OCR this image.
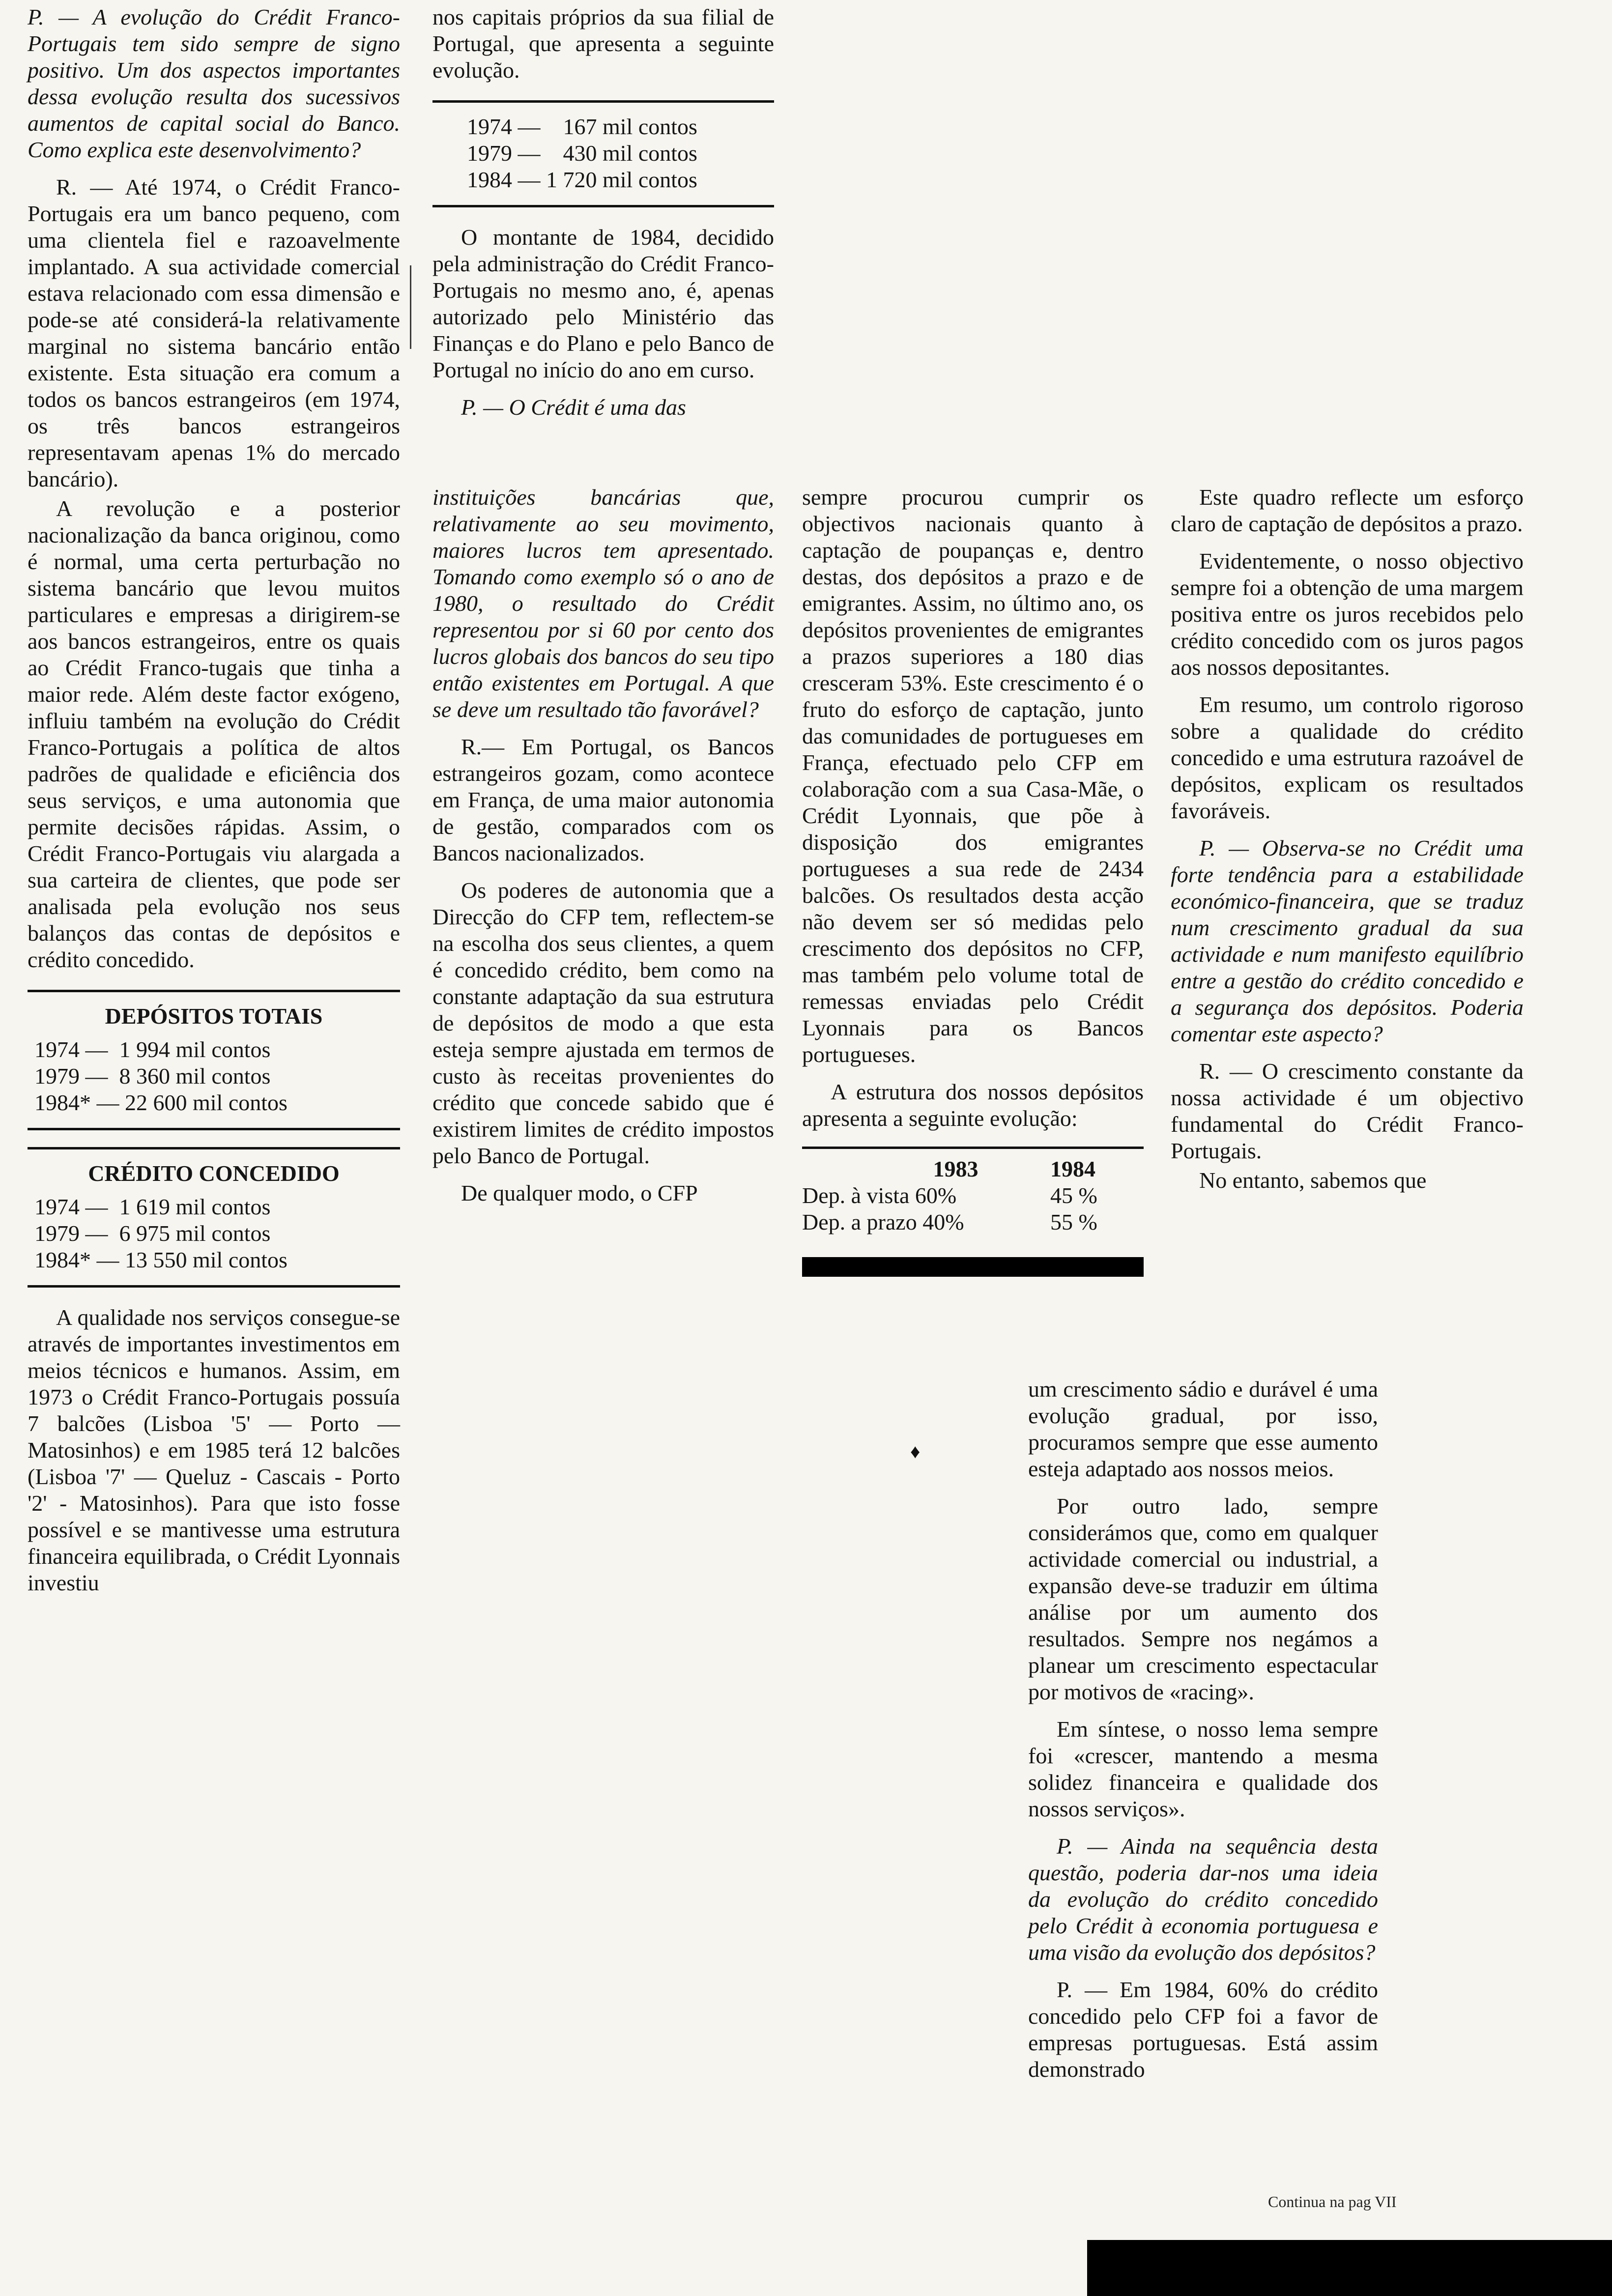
P. — A evolução do Crédit Franco-Portugais tem sido sempre de signo positivo. Um dos aspectos importantes dessa evolução resulta dos sucessivos aumentos de capital social do Banco. Como explica este desenvolvimento?

R. — Até 1974, o Crédit Franco-Portugais era um banco pequeno, com uma clientela fiel e razoavelmente implantado. A sua actividade comercial estava relacionado com essa dimensão e pode-se até considerá-la relativamente marginal no sistema bancário então existente. Esta situação era comum a todos os bancos estrangeiros (em 1974, os três bancos estrangeiros representavam apenas 1% do mercado bancário).

A revolução e a posterior nacionalização da banca originou, como é normal, uma certa perturbação no sistema bancário que levou muitos particulares e empresas a dirigirem-se aos bancos estrangeiros, entre os quais ao Crédit Franco-tugais que tinha a maior rede. Além deste factor exógeno, influiu também na evolução do Crédit Franco-Portugais a política de altos padrões de qualidade e eficiência dos seus serviços, e uma autonomia que permite decisões rápidas. Assim, o Crédit Franco-Portugais viu alargada a sua carteira de clientes, que pode ser analisada pela evolução nos seus balanços das contas de depósitos e crédito concedido.

DEPÓSITOS TOTAIS
1974 —  1 994 mil contos
1979 —  8 360 mil contos
1984* — 22 600 mil contos
CRÉDITO CONCEDIDO
1974 —  1 619 mil contos
1979 —  6 975 mil contos
1984* — 13 550 mil contos

A qualidade nos serviços consegue-se através de importantes investimentos em meios técnicos e humanos. Assim, em 1973 o Crédit Franco-Portugais possuía 7 balcões (Lisboa '5' — Porto — Matosinhos) e em 1985 terá 12 balcões (Lisboa '7' — Queluz - Cascais - Porto '2' - Matosinhos). Para que isto fosse possível e se mantivesse uma estrutura financeira equilibrada, o Crédit Lyonnais investiu

nos capitais próprios da sua filial de Portugal, que apresenta a seguinte evolução.

1974 —    167 mil contos
1979 —    430 mil contos
1984 — 1 720 mil contos

O montante de 1984, decidido pela administração do Crédit Franco-Portugais no mesmo ano, é, apenas autorizado pelo Ministério das Finanças e do Plano e pelo Banco de Portugal no início do ano em curso.

P. — O Crédit é uma das

instituições bancárias que, relativamente ao seu movimento, maiores lucros tem apresentado. Tomando como exemplo só o ano de 1980, o resultado do Crédit representou por si 60 por cento dos lucros globais dos bancos do seu tipo então existentes em Portugal. A que se deve um resultado tão favorável?

R.— Em Portugal, os Bancos estrangeiros gozam, como acontece em França, de uma maior autonomia de gestão, comparados com os Bancos nacionalizados.

Os poderes de autonomia que a Direcção do CFP tem, reflectem-se na escolha dos seus clientes, a quem é concedido crédito, bem como na constante adaptação da sua estrutura de depósitos de modo a que esta esteja sempre ajustada em termos de custo às receitas provenientes do crédito que concede sabido que é existirem limites de crédito impostos pelo Banco de Portugal.

De qualquer modo, o CFP

sempre procurou cumprir os objectivos nacionais quanto à captação de poupanças e, dentro destas, dos depósitos a prazo e de emigrantes. Assim, no último ano, os depósitos provenientes de emigrantes a prazos superiores a 180 dias cresceram 53%. Este crescimento é o fruto do esforço de captação, junto das comunidades de portugueses em França, efectuado pelo CFP em colaboração com a sua Casa-Mãe, o Crédit Lyonnais, que põe à disposição dos emigrantes portugueses a sua rede de 2434 balcões. Os resultados desta acção não devem ser só medidas pelo crescimento dos depósitos no CFP, mas também pelo volume total de remessas enviadas pelo Crédit Lyonnais para os Bancos portugueses.

A estrutura dos nossos depósitos apresenta a seguinte evolução:

1983	1984
Dep. à vista 60%	45 %
Dep. a prazo 40%	55 %

Este quadro reflecte um esforço claro de captação de depósitos a prazo.

Evidentemente, o nosso objectivo sempre foi a obtenção de uma margem positiva entre os juros recebidos pelo crédito concedido com os juros pagos aos nossos depositantes.

Em resumo, um controlo rigoroso sobre a qualidade do crédito concedido e uma estrutura razoável de depósitos, explicam os resultados favoráveis.

P. — Observa-se no Crédit uma forte tendência para a estabilidade económico-financeira, que se traduz num crescimento gradual da sua actividade e num manifesto equilíbrio entre a gestão do crédito concedido e a segurança dos depósitos. Poderia comentar este aspecto?

R. — O crescimento constante da nossa actividade é um objectivo fundamental do Crédit Franco-Portugais.

No entanto, sabemos que

um crescimento sádio e durável é uma evolução gradual, por isso, procuramos sempre que esse aumento esteja adaptado aos nossos meios.

Por outro lado, sempre considerámos que, como em qualquer actividade comercial ou industrial, a expansão deve-se traduzir em última análise por um aumento dos resultados. Sempre nos negámos a planear um crescimento espectacular por motivos de «racing».

Em síntese, o nosso lema sempre foi «crescer, mantendo a mesma solidez financeira e qualidade dos nossos serviços».

P. — Ainda na sequência desta questão, poderia dar-nos uma ideia da evolução do crédito concedido pelo Crédit à economia portuguesa e uma visão da evolução dos depósitos?

P. — Em 1984, 60% do crédito concedido pelo CFP foi a favor de empresas portuguesas. Está assim demonstrado

♦
Continua na pag VII
